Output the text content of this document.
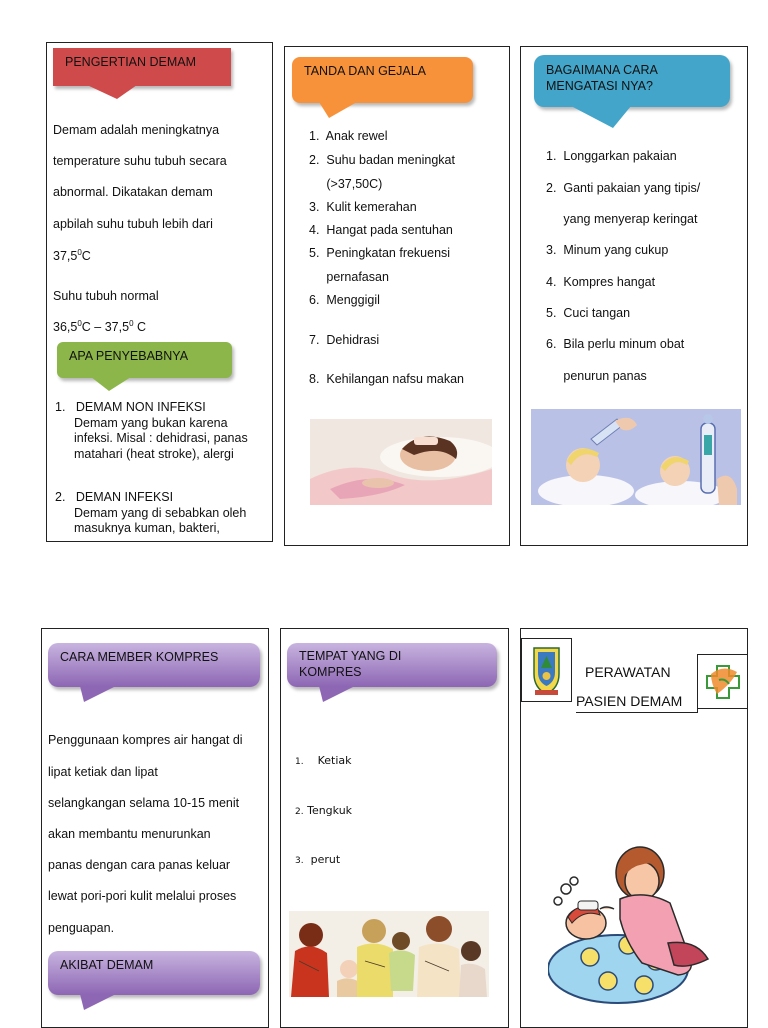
PENGERTIAN DEMAM
Demam adalah meningkatnya
temperature suhu tubuh secara
abnormal. Dikatakan demam
apbilah suhu tubuh lebih dari
37,5$^0$C
Suhu tubuh normal
36,5$^0$C – 37,5$^0$ C
APA PENYEBABNYA
1. DEMAM NON INFEKSI
Demam yang bukan karena
infeksi. Misal : dehidrasi, panas
matahari (heat stroke), alergi
2. DEMAN INFEKSI
Demam yang di sebabkan oleh
masuknya kuman, bakteri,
TANDA DAN GEJALA
1.  Anak rewel
2.  Suhu badan meningkat
(>37,50C)
3.  Kulit kemerahan
4.  Hangat pada sentuhan
5.  Peningkatan frekuensi
pernafasan
6.  Menggigil
7.  Dehidrasi
8.  Kehilangan nafsu makan
BAGAIMANA CARA
MENGATASI NYA?
1.  Longgarkan pakaian
2.  Ganti pakaian yang tipis/
yang menyerap keringat
3.  Minum yang cukup
4.  Kompres hangat
5.  Cuci tangan
6.  Bila perlu minum obat
penurun panas
CARA MEMBER KOMPRES
Penggunaan kompres air hangat di
lipat ketiak dan lipat
selangkangan selama 10-15 menit
akan membantu menurunkan
panas dengan cara panas keluar
lewat pori-pori kulit melalui proses
penguapan.
AKIBAT DEMAM
TEMPAT YANG DI
KOMPRES
1. Ketiak
2. Tengkuk
3. perut
PERAWATAN
PASIEN DEMAM
